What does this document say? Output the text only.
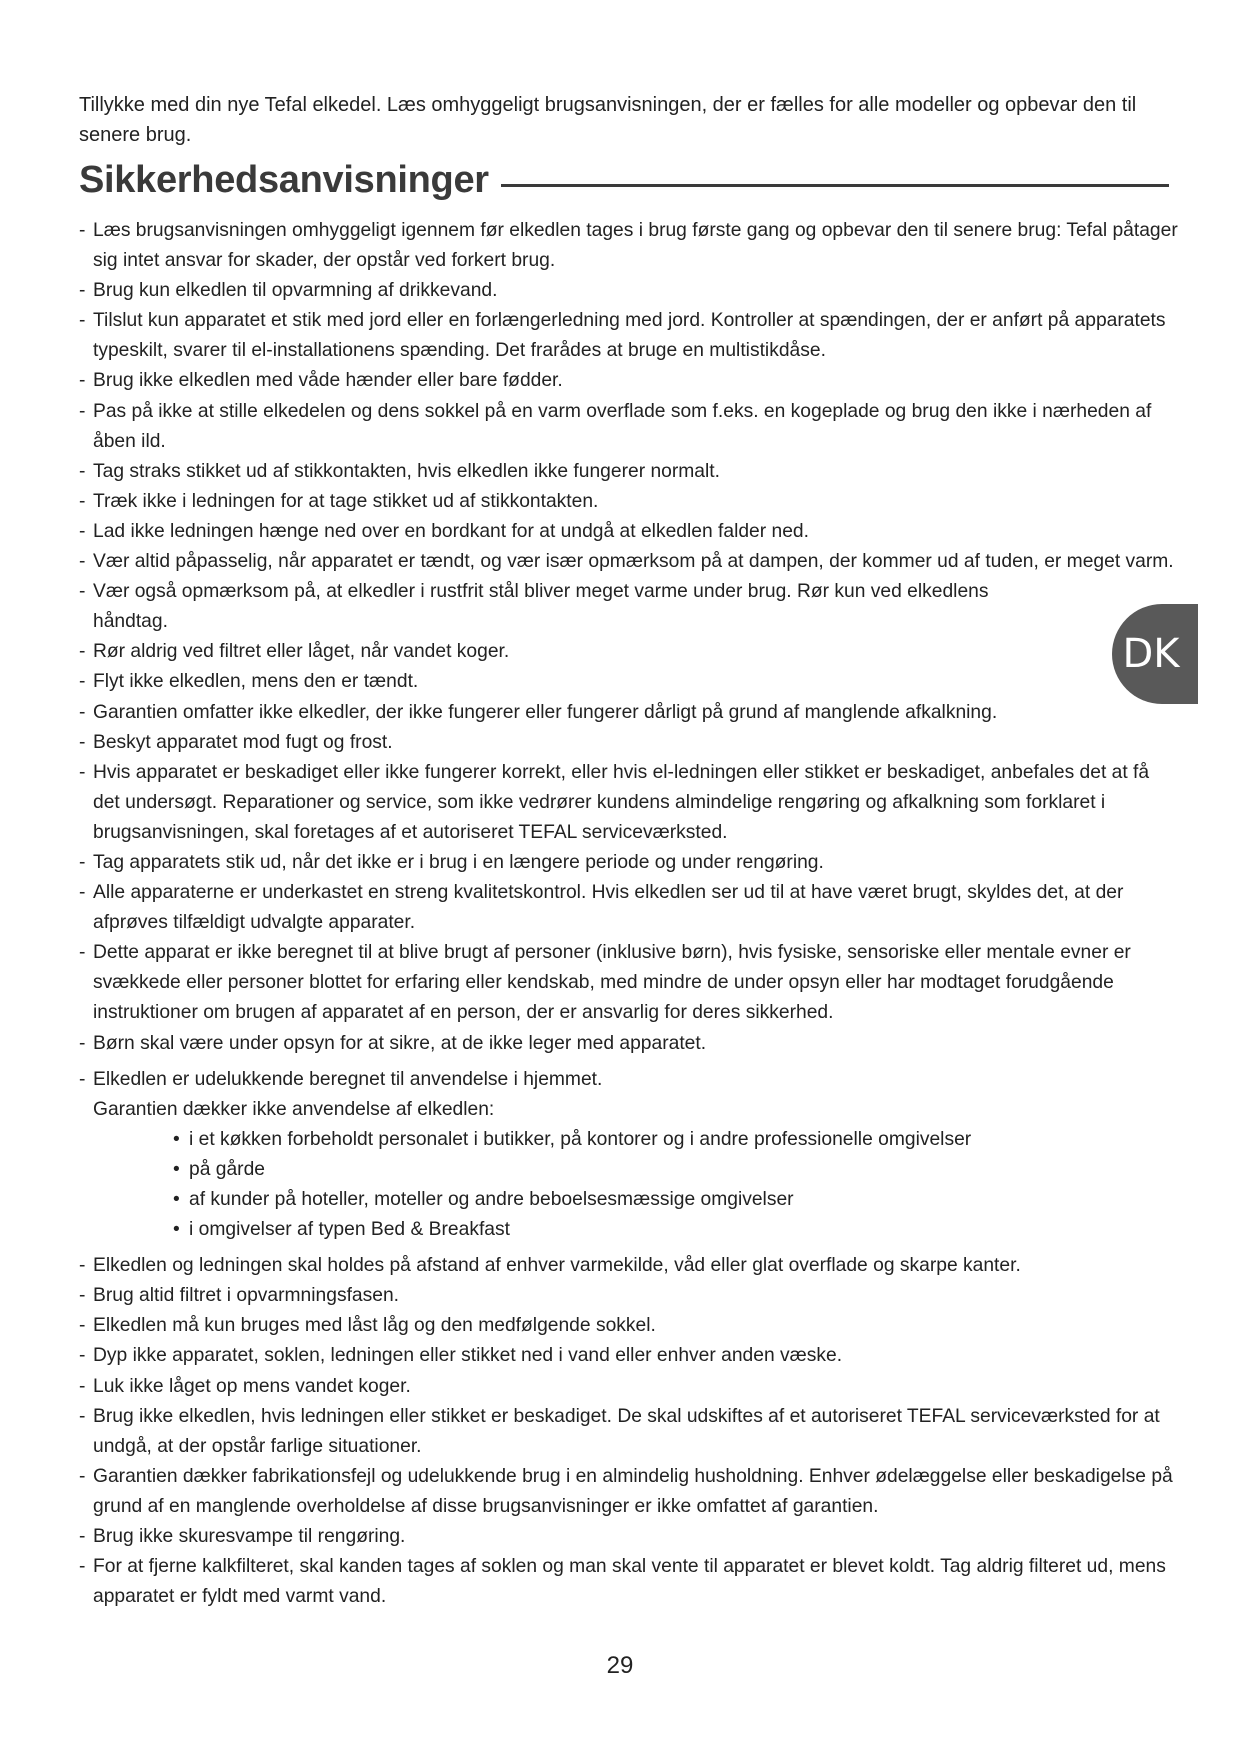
Tillykke med din nye Tefal elkedel. Læs omhyggeligt brugsanvisningen, der er fælles for alle modeller og opbevar den til senere brug.
Sikkerhedsanvisninger
- Læs brugsanvisningen omhyggeligt igennem før elkedlen tages i brug første gang og opbevar den til senere brug: Tefal påtager sig intet ansvar for skader, der opstår ved forkert brug.
- Brug kun elkedlen til opvarmning af drikkevand.
- Tilslut kun apparatet et stik med jord eller en forlængerledning med jord. Kontroller at spændingen, der er anført på apparatets typeskilt, svarer til el-installationens spænding. Det frarådes at bruge en multistikdåse.
- Brug ikke elkedlen med våde hænder eller bare fødder.
- Pas på ikke at stille elkedelen og dens sokkel på en varm overflade som f.eks. en kogeplade og brug den ikke i nærheden af åben ild.
- Tag straks stikket ud af stikkontakten, hvis elkedlen ikke fungerer normalt.
- Træk ikke i ledningen for at tage stikket ud af stikkontakten.
- Lad ikke ledningen hænge ned over en bordkant for at undgå at elkedlen falder ned.
- Vær altid påpasselig, når apparatet er tændt, og vær især opmærksom på at dampen, der kommer ud af tuden, er meget varm.
- Vær også opmærksom på, at elkedler i rustfrit stål bliver meget varme under brug. Rør kun ved elkedlens håndtag.
- Rør aldrig ved filtret eller låget, når vandet koger.
- Flyt ikke elkedlen, mens den er tændt.
- Garantien omfatter ikke elkedler, der ikke fungerer eller fungerer dårligt på grund af manglende afkalkning.
- Beskyt apparatet mod fugt og frost.
- Hvis apparatet er beskadiget eller ikke fungerer korrekt, eller hvis el-ledningen eller stikket er beskadiget, anbefales det at få det undersøgt. Reparationer og service, som ikke vedrører kundens almindelige rengøring og afkalkning som forklaret i brugsanvisningen, skal foretages af et autoriseret TEFAL serviceværksted.
- Tag apparatets stik ud, når det ikke er i brug i en længere periode og under rengøring.
- Alle apparaterne er underkastet en streng kvalitetskontrol. Hvis elkedlen ser ud til at have været brugt, skyldes det, at der afprøves tilfældigt udvalgte apparater.
- Dette apparat er ikke beregnet til at blive brugt af personer (inklusive børn), hvis fysiske, sensoriske eller mentale evner er svækkede eller personer blottet for erfaring eller kendskab, med mindre de under opsyn eller har modtaget forudgående instruktioner om brugen af apparatet af en person, der er ansvarlig for deres sikkerhed.
- Børn skal være under opsyn for at sikre, at de ikke leger med apparatet.
- Elkedlen er udelukkende beregnet til anvendelse i hjemmet.
Garantien dækker ikke anvendelse af elkedlen:
• i et køkken forbeholdt personalet i butikker, på kontorer og i andre professionelle omgivelser
• på gårde
• af kunder på hoteller, moteller og andre beboelsesmæssige omgivelser
• i omgivelser af typen Bed & Breakfast
- Elkedlen og ledningen skal holdes på afstand af enhver varmekilde, våd eller glat overflade og skarpe kanter.
- Brug altid filtret i opvarmningsfasen.
- Elkedlen må kun bruges med låst låg og den medfølgende sokkel.
- Dyp ikke apparatet, soklen, ledningen eller stikket ned i vand eller enhver anden væske.
- Luk ikke låget op mens vandet koger.
- Brug ikke elkedlen, hvis ledningen eller stikket er beskadiget. De skal udskiftes af et autoriseret TEFAL serviceværksted for at undgå, at der opstår farlige situationer.
- Garantien dækker fabrikationsfejl og udelukkende brug i en almindelig husholdning. Enhver ødelæggelse eller beskadigelse på grund af en manglende overholdelse af disse brugsanvisninger er ikke omfattet af garantien.
- Brug ikke skuresvampe til rengøring.
- For at fjerne kalkfilteret, skal kanden tages af soklen og man skal vente til apparatet er blevet koldt. Tag aldrig filteret ud, mens apparatet er fyldt med varmt vand.
DK
29
